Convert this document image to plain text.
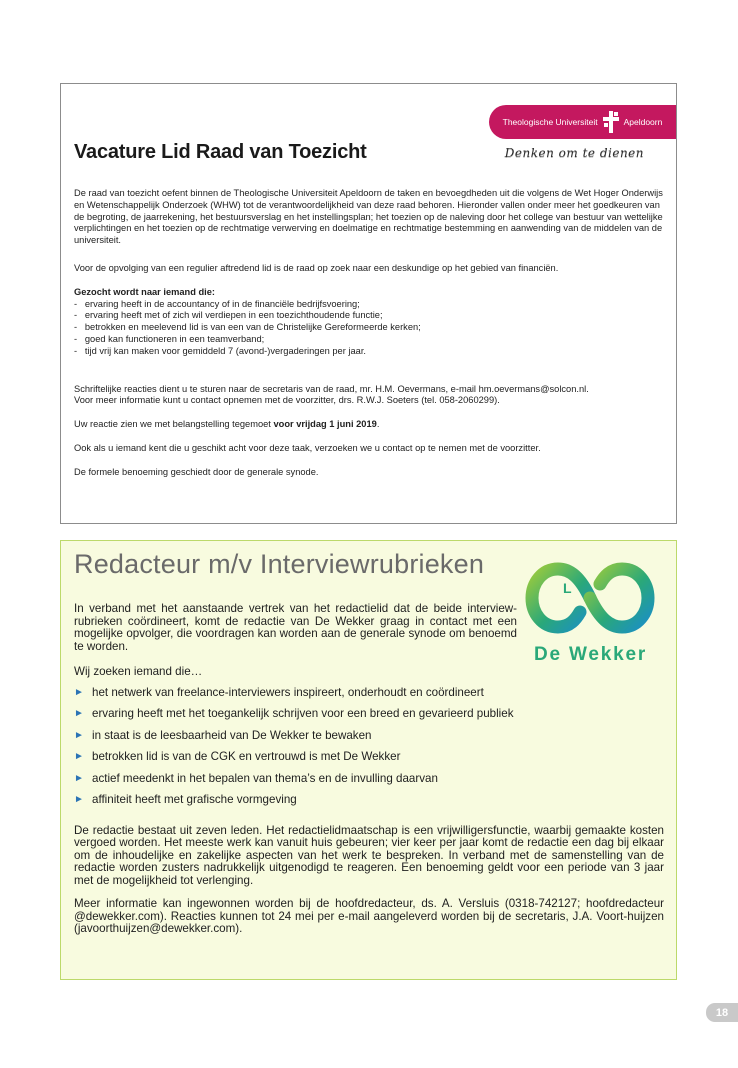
Theologische Universiteit	Apeldoorn
Denken om te dienen
Vacature Lid Raad van Toezicht

De raad van toezicht oefent binnen de Theologische Universiteit Apeldoorn de taken en bevoegdheden uit die volgens de Wet Hoger Onderwijs en Wetenschappelijk Onderzoek (WHW) tot de verantwoordelijkheid van deze raad behoren. Hieronder vallen onder meer het goedkeuren van de begroting, de jaarrekening, het bestuursverslag en het instellingsplan; het toezien op de naleving door het college van bestuur van wettelijke verplichtingen en het toezien op de rechtmatige verwerving en doelmatige en rechtmatige bestemming en aanwending van de middelen van de universiteit.

Voor de opvolging van een regulier aftredend lid is de raad op zoek naar een deskundige op het gebied van financiën.

Gezocht wordt naar iemand die:
-   ervaring heeft in de accountancy of in de financiële bedrijfsvoering;
-   ervaring heeft met of zich wil verdiepen in een toezichthoudende functie;
-   betrokken en meelevend lid is van een van de Christelijke Gereformeerde kerken;
-   goed kan functioneren in een teamverband;
-   tijd vrij kan maken voor gemiddeld 7 (avond-)vergaderingen per jaar.

Schriftelijke reacties dient u te sturen naar de secretaris van de raad, mr. H.M. Oevermans, e-mail hm.oevermans@solcon.nl.
Voor meer informatie kunt u contact opnemen met de voorzitter, drs. R.W.J. Soeters (tel. 058-2060299).

Uw reactie zien we met belangstelling tegemoet voor vrijdag 1 juni 2019.

Ook als u iemand kent die u geschikt acht voor deze taak, verzoeken we u contact op te nemen met de voorzitter.

De formele benoeming geschiedt door de generale synode.

Redacteur m/v Interviewrubrieken
L
De Wekker

In verband met het aanstaande vertrek van het redactielid dat de beide interview-rubrieken coördineert, komt de redactie van De Wekker graag in contact met een mogelijke opvolger, die voordragen kan worden aan de generale synode om benoemd te worden.

Wij zoeken iemand die…

► het netwerk van freelance-interviewers inspireert, onderhoudt en coördineert
► ervaring heeft met het toegankelijk schrijven voor een breed en gevarieerd publiek
► in staat is de leesbaarheid van De Wekker te bewaken
► betrokken lid is van de CGK en vertrouwd is met De Wekker
► actief meedenkt in het bepalen van thema’s en de invulling daarvan
► affiniteit heeft met grafische vormgeving

De redactie bestaat uit zeven leden. Het redactielidmaatschap is een vrijwilligersfunctie, waarbij gemaakte kosten vergoed worden. Het meeste werk kan vanuit huis gebeuren; vier keer per jaar komt de redactie een dag bij elkaar om de inhoudelijke en zakelijke aspecten van het werk te bespreken. In verband met de samenstelling van de redactie worden zusters nadrukkelijk uitgenodigd te reageren. Een benoeming geldt voor een periode van 3 jaar met de mogelijkheid tot verlenging.

Meer informatie kan ingewonnen worden bij de hoofdredacteur, ds. A. Versluis (0318-742127; hoofdredacteur @dewekker.com). Reacties kunnen tot 24 mei per e-mail aangeleverd worden bij de secretaris, J.A. Voort-huijzen (javoorthuijzen@dewekker.com).

18
